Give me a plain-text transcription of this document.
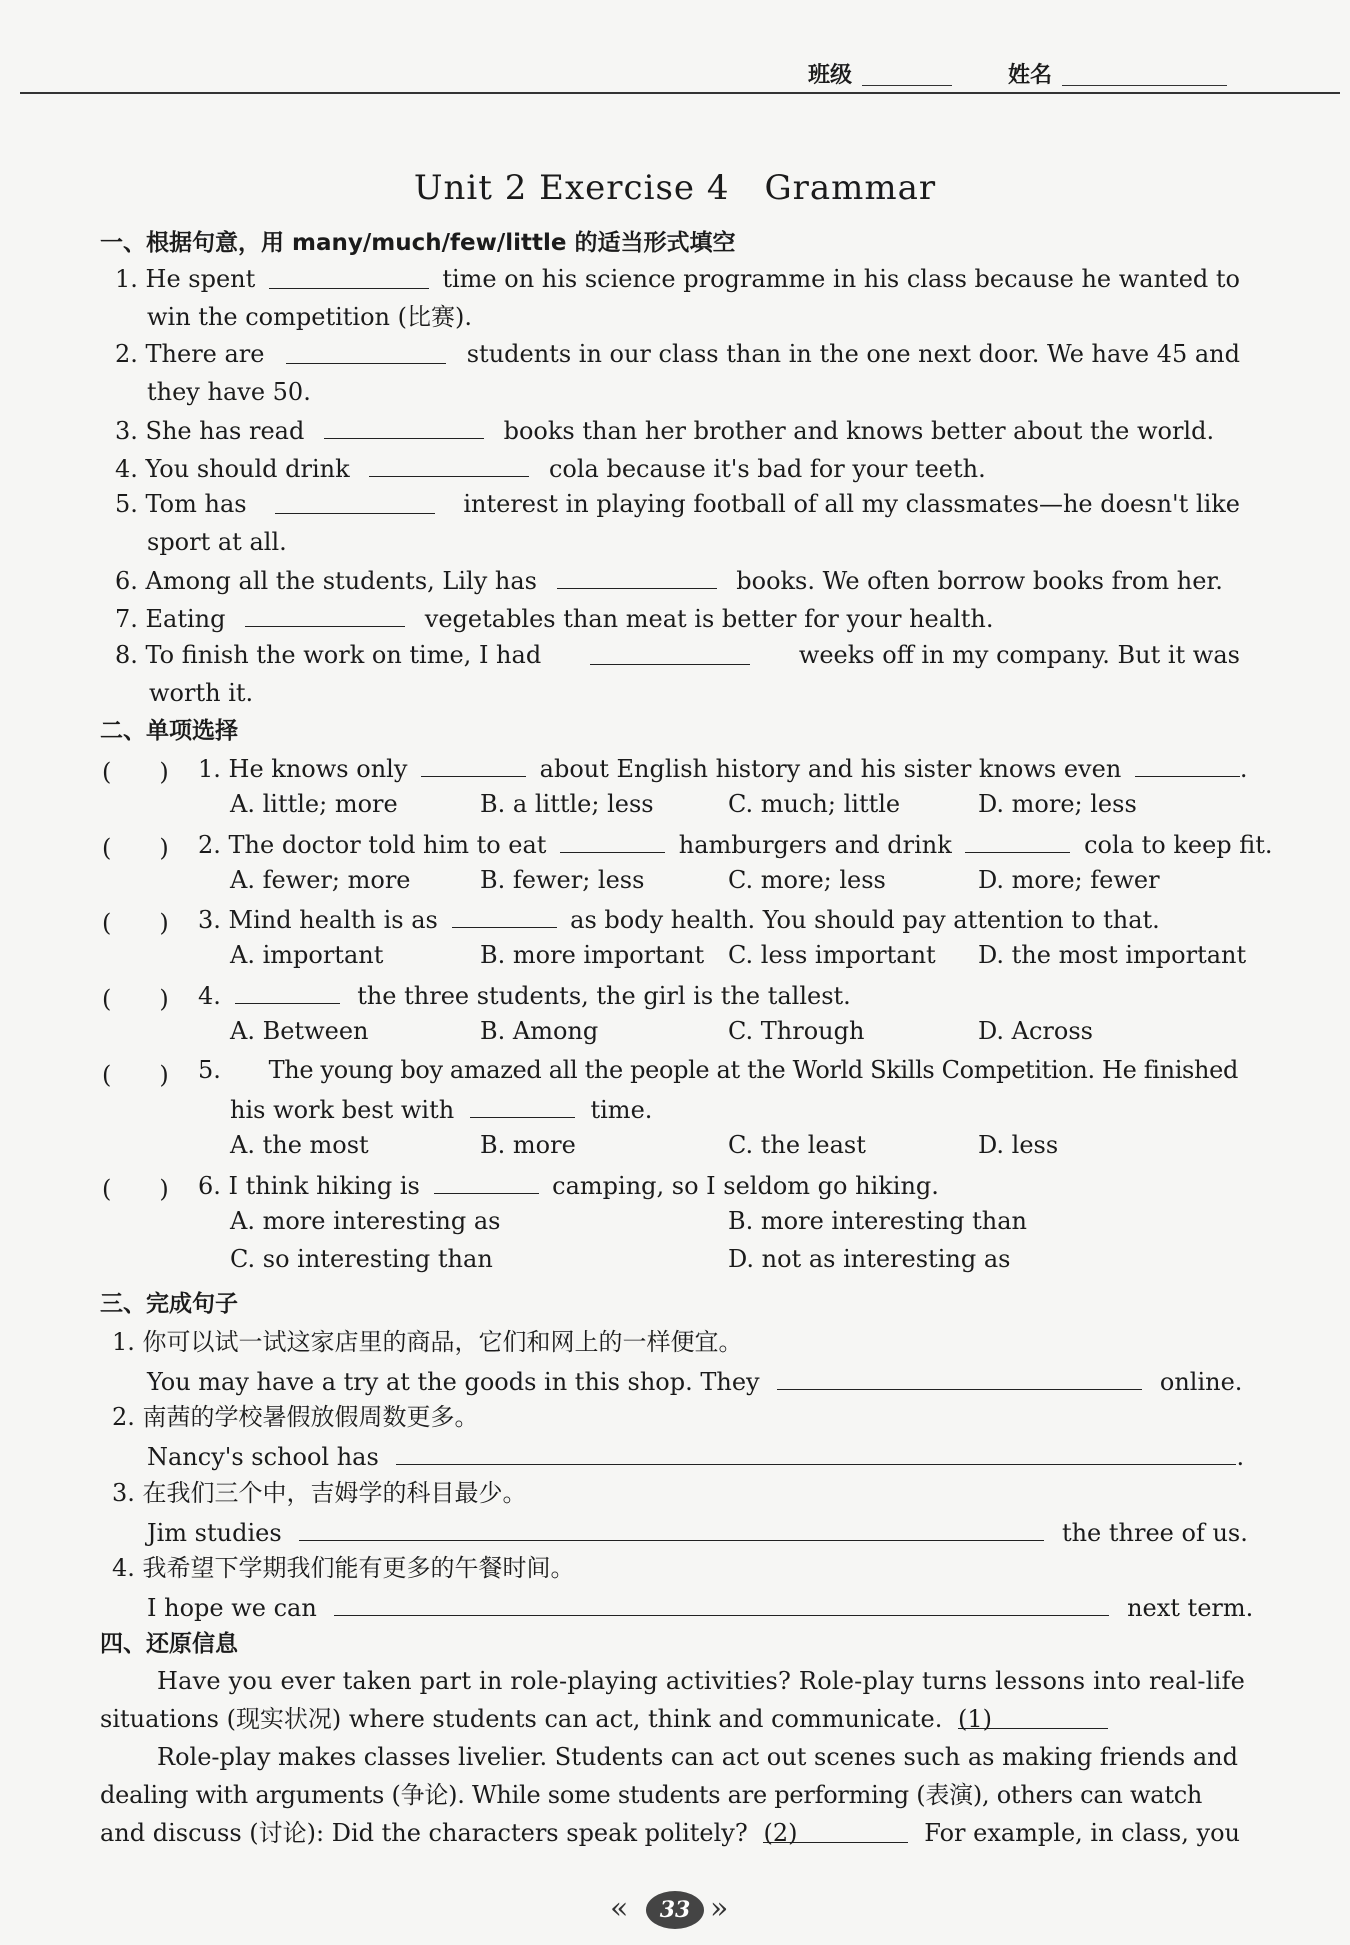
班级	姓名
Unit 2 Exercise 4　Grammar
一、根据句意，用 many/much/few/little 的适当形式填空
1. He spent	time on his science programme in his class because he wanted to
win the competition (比赛).
2. There are	students in our class than in the one next door. We have 45 and
they have 50.
3. She has read	books than her brother and knows better about the world.
4. You should drink	cola because it's bad for your teeth.
5. Tom has	interest in playing football of all my classmates—he doesn't like
sport at all.
6. Among all the students, Lily has	books. We often borrow books from her.
7. Eating	vegetables than meat is better for your health.
8. To finish the work on time, I had	weeks off in my company. But it was
worth it.
二、单项选择
(　　) 1. He knows only	about English history and his sister knows even	.
A. little; more	B. a little; less	C. much; little	D. more; less
(　　) 2. The doctor told him to eat	hamburgers and drink	cola to keep fit.
A. fewer; more	B. fewer; less	C. more; less	D. more; fewer
(　　) 3. Mind health is as	as body health. You should pay attention to that.
A. important	B. more important C. less important D. the most important
(　　) 4.	the three students, the girl is the tallest.
A. Between	B. Among	C. Through	D. Across
(　　) 5. The young boy amazed all the people at the World Skills Competition. He finished
his work best with	time.
A. the most	B. more	C. the least	D. less
(　　) 6. I think hiking is	camping, so I seldom go hiking.
A. more interesting as	B. more interesting than
C. so interesting than	D. not as interesting as
三、完成句子
1. 你可以试一试这家店里的商品，它们和网上的一样便宜。
You may have a try at the goods in this shop. They	online.
2. 南茜的学校暑假放假周数更多。
Nancy's school has	.
3. 在我们三个中，吉姆学的科目最少。
Jim studies	the three of us.
4. 我希望下学期我们能有更多的午餐时间。
I hope we can	next term.
四、还原信息
Have you ever taken part in role-playing activities? Role-play turns lessons into real-life
situations (现实状况) where students can act, think and communicate. (1)
Role-play makes classes livelier. Students can act out scenes such as making friends and
dealing with arguments (争论). While some students are performing (表演), others can watch
and discuss (讨论): Did the characters speak politely? (2)	For example, in class, you
«	33 »
